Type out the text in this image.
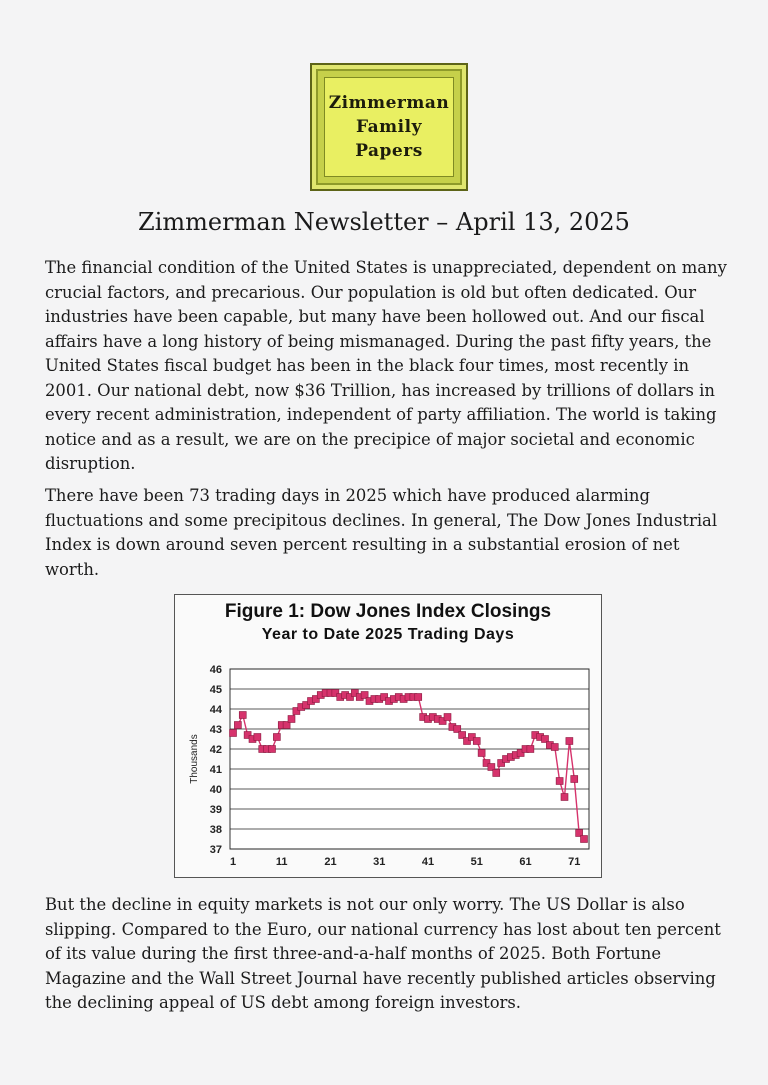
Zimmerman
Family
Papers
Zimmerman Newsletter – April 13, 2025

The financial condition of the United States is unappreciated, dependent on many crucial factors, and precarious. Our population is old but often dedicated. Our industries have been capable, but many have been hollowed out. And our fiscal affairs have a long history of being mismanaged. During the past fifty years, the United States fiscal budget has been in the black four times, most recently in 2001. Our national debt, now $36 Trillion, has increased by trillions of dollars in every recent administration, independent of party affiliation. The world is taking notice and as a result, we are on the precipice of major societal and economic disruption.

There have been 73 trading days in 2025 which have produced alarming fluctuations and some precipitous declines. In general, The Dow Jones Industrial Index is down around seven percent resulting in a substantial erosion of net worth.

Figure 1: Dow Jones Index Closings
Year to Date 2025 Trading Days
46
45
44
43
42
41
40
39
38
37
1	11	21	31	41	51	61	71
Thousands

But the decline in equity markets is not our only worry. The US Dollar is also slipping. Compared to the Euro, our national currency has lost about ten percent of its value during the first three-and-a-half months of 2025. Both Fortune Magazine and the Wall Street Journal have recently published articles observing the declining appeal of US debt among foreign investors.
